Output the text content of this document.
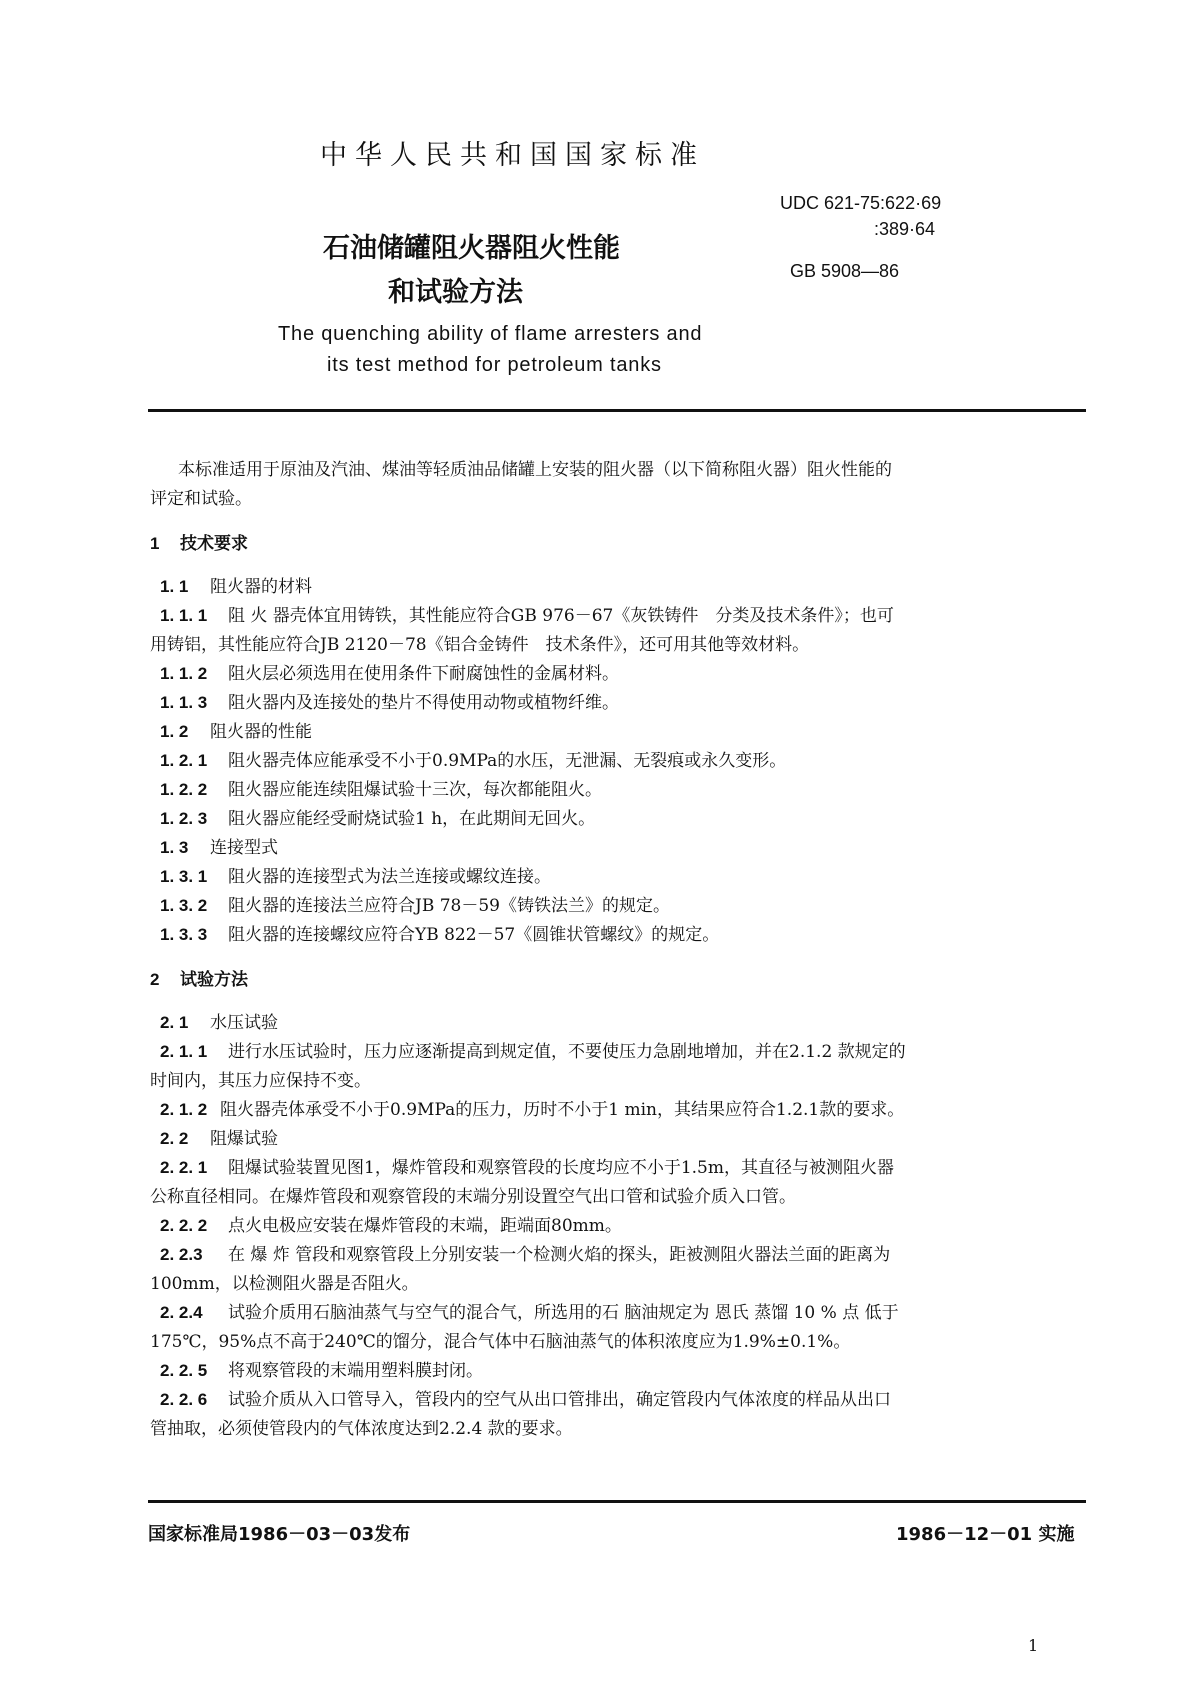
中华人民共和国国家标准
石油储罐阻火器阻火性能
和试验方法
The quenching ability of flame arresters and
its test method for petroleum tanks
UDC 621-75:622·69
:389·64
GB 5908—86
本标准适用于原油及汽油、煤油等轻质油品储罐上安装的阻火器（以下简称阻火器）阻火性能的
评定和试验。
1 技术要求
1. 1 阻火器的材料
1. 1. 1 阻 火 器壳体宜用铸铁，其性能应符合GB 976－67《灰铁铸件　分类及技术条件》；也可
用铸铝，其性能应符合JB 2120－78《铝合金铸件　技术条件》，还可用其他等效材料。
1. 1. 2 阻火层必须选用在使用条件下耐腐蚀性的金属材料。
1. 1. 3 阻火器内及连接处的垫片不得使用动物或植物纤维。
1. 2 阻火器的性能
1. 2. 1 阻火器壳体应能承受不小于0.9MPa的水压，无泄漏、无裂痕或永久变形。
1. 2. 2 阻火器应能连续阻爆试验十三次，每次都能阻火。
1. 2. 3 阻火器应能经受耐烧试验1 h，在此期间无回火。
1. 3 连接型式
1. 3. 1 阻火器的连接型式为法兰连接或螺纹连接。
1. 3. 2 阻火器的连接法兰应符合JB 78－59《铸铁法兰》的规定。
1. 3. 3 阻火器的连接螺纹应符合YB 822－57《圆锥状管螺纹》的规定。
2 试验方法
2. 1 水压试验
2. 1. 1 进行水压试验时，压力应逐渐提高到规定值，不要使压力急剧地增加，并在2.1.2 款规定的
时间内，其压力应保持不变。
2. 1. 2 阻火器壳体承受不小于0.9MPa的压力，历时不小于1 min，其结果应符合1.2.1款的要求。
2. 2 阻爆试验
2. 2. 1 阻爆试验装置见图1，爆炸管段和观察管段的长度均应不小于1.5m，其直径与被测阻火器
公称直径相同。在爆炸管段和观察管段的末端分别设置空气出口管和试验介质入口管。
2. 2. 2 点火电极应安装在爆炸管段的末端，距端面80mm。
2. 2.3 在 爆 炸 管段和观察管段上分别安装一个检测火焰的探头，距被测阻火器法兰面的距离为
100mm，以检测阻火器是否阻火。
2. 2.4 试验介质用石脑油蒸气与空气的混合气，所选用的石 脑油规定为 恩氏 蒸馏 10 % 点 低于
175℃，95%点不高于240℃的馏分，混合气体中石脑油蒸气的体积浓度应为1.9%±0.1%。
2. 2. 5 将观察管段的末端用塑料膜封闭。
2. 2. 6 试验介质从入口管导入，管段内的空气从出口管排出，确定管段内气体浓度的样品从出口
管抽取，必须使管段内的气体浓度达到2.2.4 款的要求。
国家标准局1986－03－03发布	1986－12－01 实施
1
